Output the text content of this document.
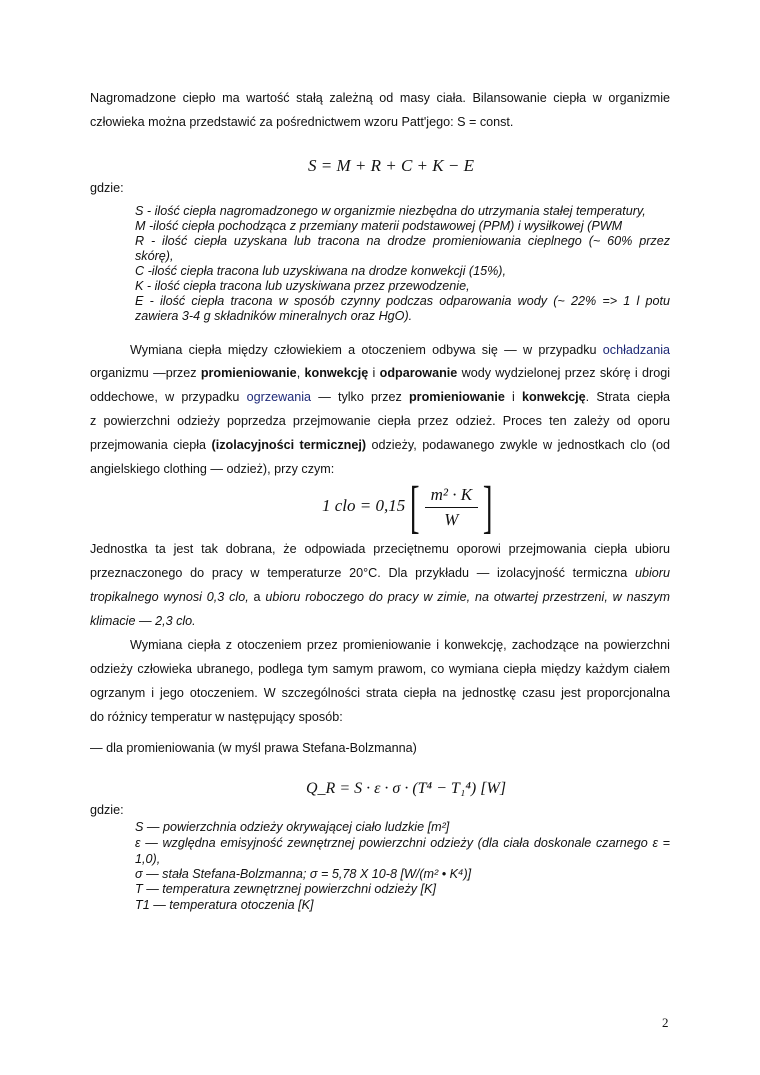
Nagromadzone ciepło ma wartość stałą zależną od masy ciała. Bilansowanie ciepła w organizmie
człowieka można przedstawić za pośrednictwem wzoru Patt'jego: S = const.
gdzie:
S - ilość ciepła nagromadzonego w organizmie niezbędna do utrzymania stałej temperatury,
M -ilość ciepła pochodząca z przemiany materii podstawowej (PPM) i wysiłkowej (PWM
R - ilość ciepła uzyskana lub tracona na drodze promieniowania cieplnego (~ 60% przez
skórę),
C -ilość ciepła tracona lub uzyskiwana na drodze konwekcji (15%),
K - ilość ciepła tracona lub uzyskiwana przez przewodzenie,
E - ilość ciepła tracona w sposób czynny podczas odparowania wody (~ 22% => 1 l potu
zawiera 3-4 g składników mineralnych oraz HgO).
Wymiana ciepła między człowiekiem a otoczeniem odbywa się — w przypadku ochładzania
organizmu —przez promieniowanie, konwekcję i odparowanie wody wydzielonej przez skórę i drogi
oddechowe, w przypadku ogrzewania — tylko przez promieniowanie i konwekcję. Strata ciepła
z powierzchni odzieży poprzedza przejmowanie ciepła przez odzież. Proces ten zależy od oporu
przejmowania ciepła (izolacyjności termicznej) odzieży, podawanego zwykle w jednostkach clo (od
angielskiego clothing — odzież), przy czym:
Jednostka ta jest tak dobrana, że odpowiada przeciętnemu oporowi przejmowania ciepła ubioru
przeznaczonego do pracy w temperaturze 20°C. Dla przykładu — izolacyjność termiczna ubioru
tropikalnego wynosi 0,3 clo, a ubioru roboczego do pracy w zimie, na otwartej przestrzeni, w naszym
klimacie — 2,3 clo.
Wymiana ciepła z otoczeniem przez promieniowanie i konwekcję, zachodzące na powierzchni
odzieży człowieka ubranego, podlega tym samym prawom, co wymiana ciepła między każdym ciałem
ogrzanym i jego otoczeniem. W szczególności strata ciepła na jednostkę czasu jest proporcjonalna
do różnicy temperatur w następujący sposób:
— dla promieniowania (w myśl prawa Stefana-Bolzmanna)
gdzie:
S — powierzchnia odzieży okrywającej ciało ludzkie [m²]
ε — względna emisyjność zewnętrznej powierzchni odzieży (dla ciała doskonale czarnego ε =
1,0),
σ — stała Stefana-Bolzmanna; σ = 5,78 X 10-8 [W/(m² • K⁴)]
T — temperatura zewnętrznej powierzchni odzieży [K]
T1 — temperatura otoczenia [K]
S = M + R + C + K − E
1 clo = $0,15[ \frac{\text{m² · K}}{W}$ ]
Q_R = S · ε · σ · (T⁴ − T₁⁴) [W]
2
